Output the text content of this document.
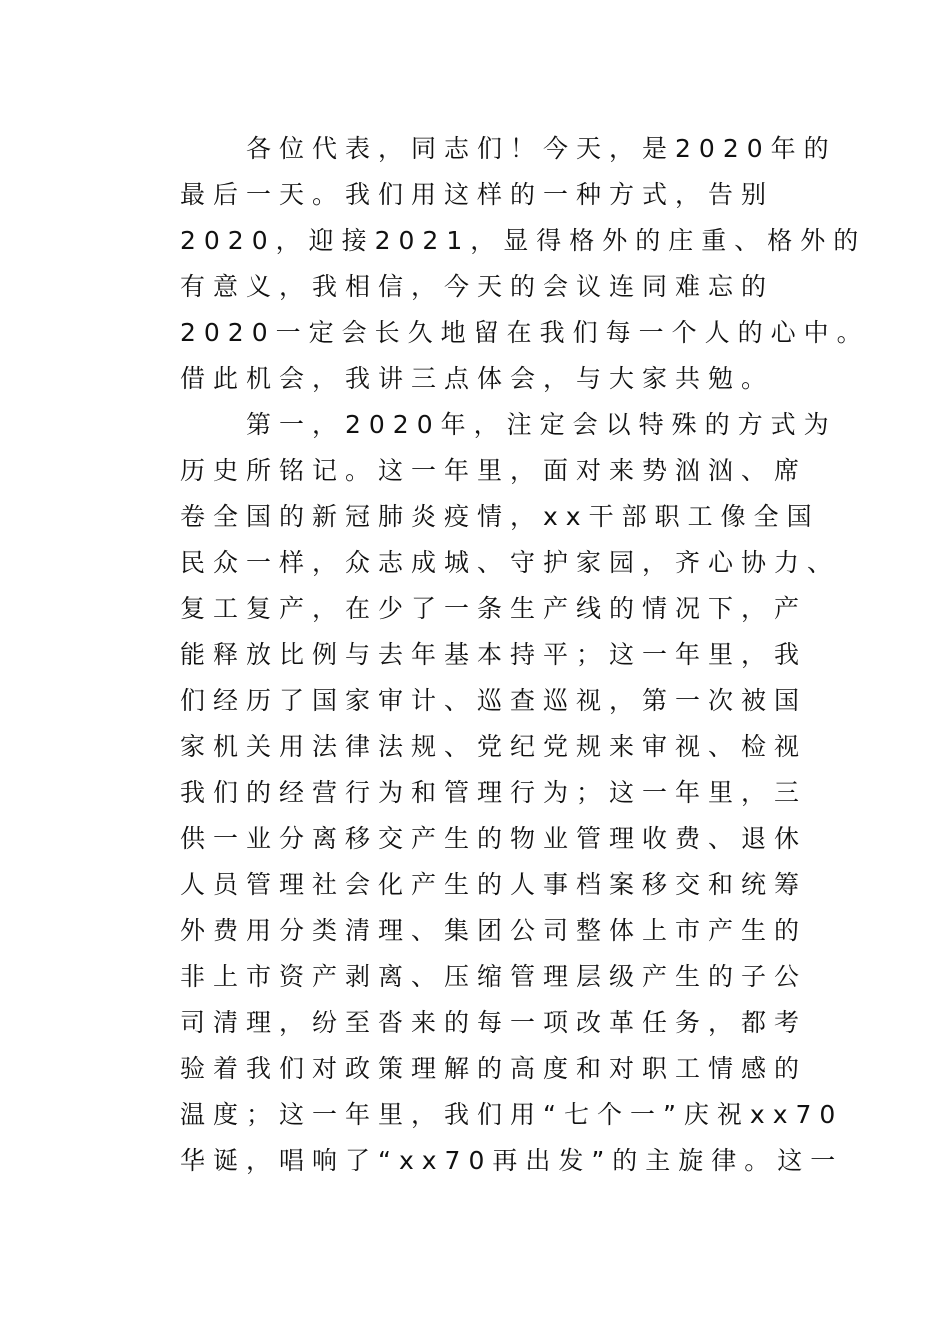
　　各位代表，同志们！今天，是2020年的
最后一天。我们用这样的一种方式，告别
2020，迎接2021，显得格外的庄重、格外的
有意义，我相信，今天的会议连同难忘的
2020一定会长久地留在我们每一个人的心中。
借此机会，我讲三点体会，与大家共勉。
　　第一，2020年，注定会以特殊的方式为
历史所铭记。这一年里，面对来势汹汹、席
卷全国的新冠肺炎疫情，xx干部职工像全国
民众一样，众志成城、守护家园，齐心协力、
复工复产，在少了一条生产线的情况下，产
能释放比例与去年基本持平；这一年里，我
们经历了国家审计、巡查巡视，第一次被国
家机关用法律法规、党纪党规来审视、检视
我们的经营行为和管理行为；这一年里，三
供一业分离移交产生的物业管理收费、退休
人员管理社会化产生的人事档案移交和统筹
外费用分类清理、集团公司整体上市产生的
非上市资产剥离、压缩管理层级产生的子公
司清理，纷至沓来的每一项改革任务，都考
验着我们对政策理解的高度和对职工情感的
温度；这一年里，我们用“七个一”庆祝xx70
华诞，唱响了“xx70再出发”的主旋律。这一
